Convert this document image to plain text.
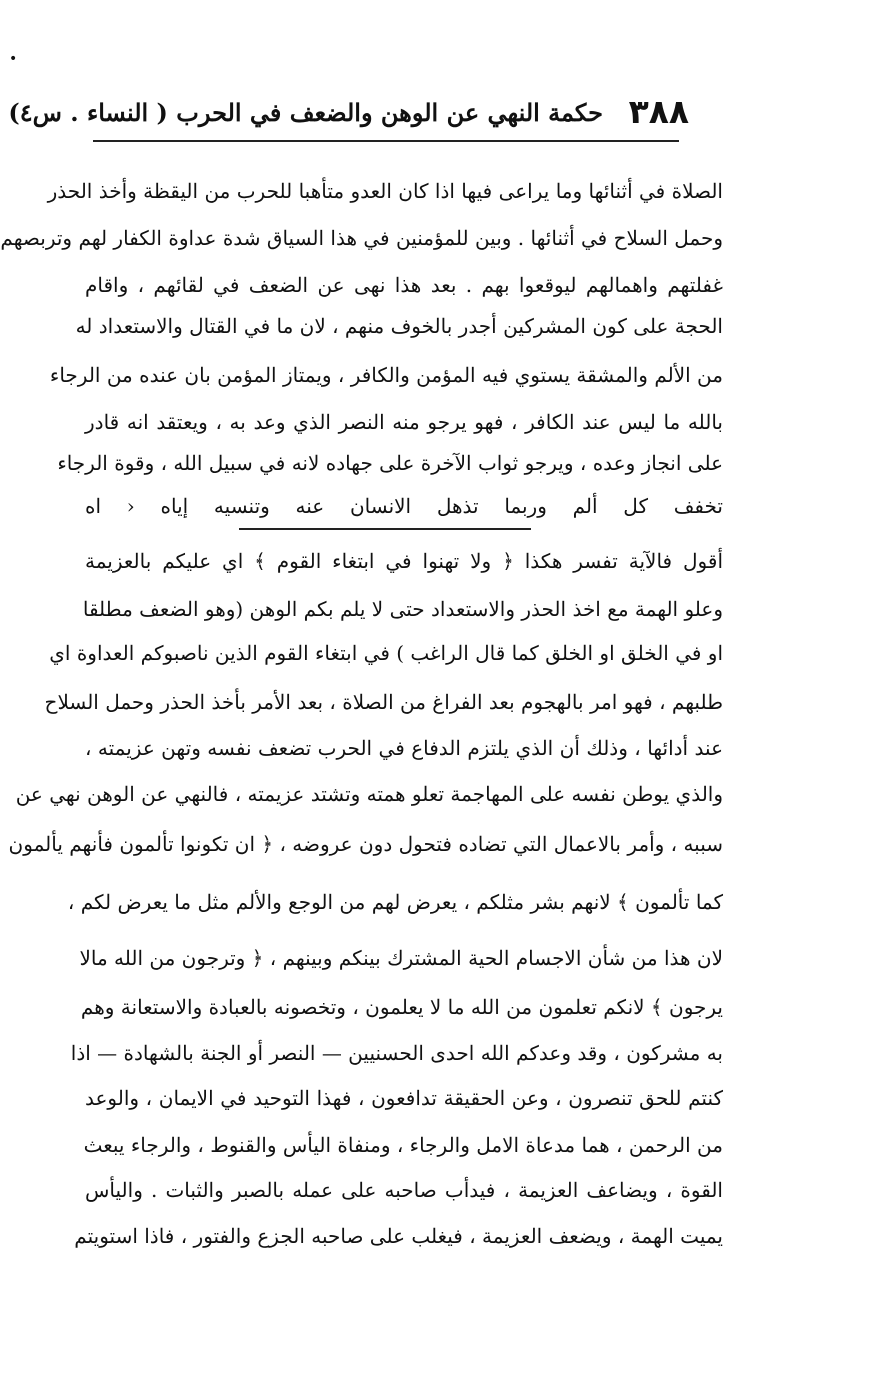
•
٣٨٨
حكمة النهي عن الوهن والضعف في الحرب ( النساء . س٤)
الصلاة في أثنائها وما يراعى فيها اذا كان العدو متأهبا للحرب من اليقظة وأخذ الحذر
وحمل السلاح في أثنائها . وبين للمؤمنين في هذا السياق شدة عداوة الكفار لهم وتربصهم
غفلتهم واهمالهم ليوقعوا بهم . بعد هذا نهى عن الضعف في لقائهم ، واقام
الحجة على كون المشركين أجدر بالخوف منهم ، لان ما في القتال والاستعداد له
من الألم والمشقة يستوي فيه المؤمن والكافر ، ويمتاز المؤمن بان عنده من الرجاء
بالله ما ليس عند الكافر ، فهو يرجو منه النصر الذي وعد به ، ويعتقد انه قادر
على انجاز وعده ، ويرجو ثواب الآخرة على جهاده لانه في سبيل الله ، وقوة الرجاء
تخفف كل ألم وربما تذهل الانسان عنه وتنسيه إياه ‹ اه
أقول فالآية تفسر هكذا ﴿ ولا تهنوا في ابتغاء القوم ﴾ اي عليكم بالعزيمة
وعلو الهمة مع اخذ الحذر والاستعداد حتى لا يلم بكم الوهن (وهو الضعف مطلقا
او في الخلق او الخلق كما قال الراغب ) في ابتغاء القوم الذين ناصبوكم العداوة اي
طلبهم ، فهو امر بالهجوم بعد الفراغ من الصلاة ، بعد الأمر بأخذ الحذر وحمل السلاح
عند أدائها ، وذلك أن الذي يلتزم الدفاع في الحرب تضعف نفسه وتهن عزيمته ،
والذي يوطن نفسه على المهاجمة تعلو همته وتشتد عزيمته ، فالنهي عن الوهن نهي عن
سببه ، وأمر بالاعمال التي تضاده فتحول دون عروضه ، ﴿ ان تكونوا تألمون فأنهم يألمون
كما تألمون ﴾ لانهم بشر مثلكم ، يعرض لهم من الوجع والألم مثل ما يعرض لكم ،
لان هذا من شأن الاجسام الحية المشترك بينكم وبينهم ، ﴿ وترجون من الله مالا
يرجون ﴾ لانكم تعلمون من الله ما لا يعلمون ، وتخصونه بالعبادة والاستعانة وهم
به مشركون ، وقد وعدكم الله احدى الحسنيين — النصر أو الجنة بالشهادة — اذا
كنتم للحق تنصرون ، وعن الحقيقة تدافعون ، فهذا التوحيد في الايمان ، والوعد
من الرحمن ، هما مدعاة الامل والرجاء ، ومنفاة اليأس والقنوط ، والرجاء يبعث
القوة ، ويضاعف العزيمة ، فيدأب صاحبه على عمله بالصبر والثبات . واليأس
يميت الهمة ، ويضعف العزيمة ، فيغلب على صاحبه الجزع والفتور ، فاذا استويتم
